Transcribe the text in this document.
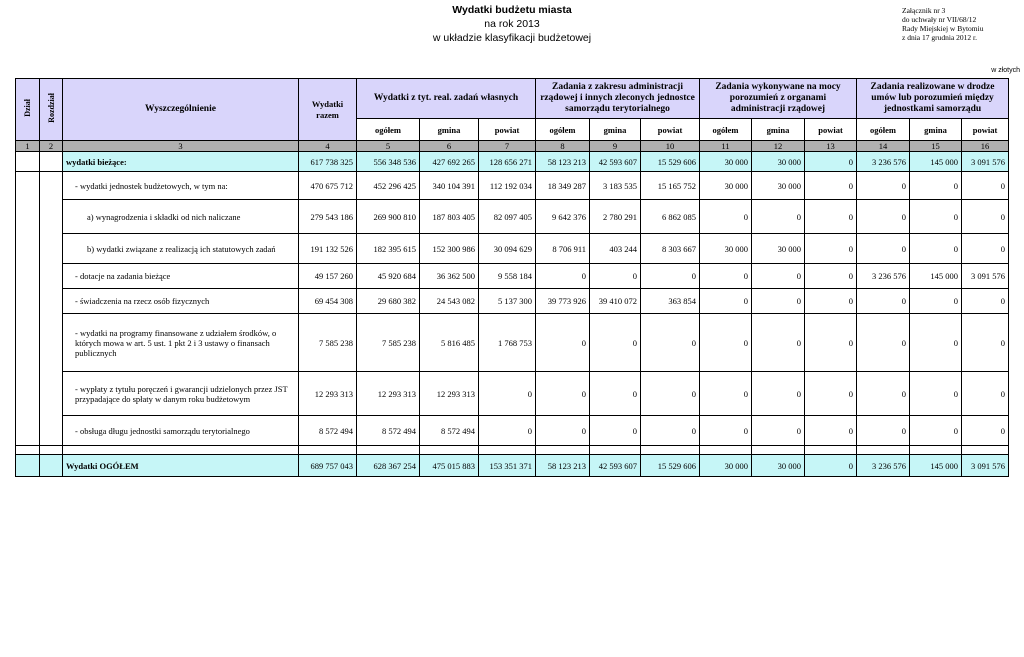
Wydatki budżetu miasta
na rok 2013
w układzie klasyfikacji budżetowej
Załącznik nr 3
do uchwały nr VII/68/12
Rady Miejskiej w Bytomiu
z dnia 17 grudnia 2012 r.
w złotych
Dział	Rozdział	Wyszczególnienie	Wydatki razem	Wydatki z tyt. real. zadań własnych			Zadania z zakresu administracji rządowej i innych zleconych jednostce samorządu terytorialnego			Zadania wykonywane na mocy porozumień z organami administracji rządowej			Zadania realizowane w drodze umów lub porozumień między jednostkami samorządu		
				ogółem	gmina	powiat	ogółem	gmina	powiat	ogółem	gmina	powiat	ogółem	gmina	powiat
1	2	3	4	5	6	7	8	9	10	11	12	13	14	15	16
		wydatki bieżące:	617 738 325	556 348 536	427 692 265	128 656 271	58 123 213	42 593 607	15 529 606	30 000	30 000	0	3 236 576	145 000	3 091 576
		- wydatki jednostek budżetowych, w tym na:	470 675 712	452 296 425	340 104 391	112 192 034	18 349 287	3 183 535	15 165 752	30 000	30 000	0	0	0	0
		a) wynagrodzenia i składki od nich naliczane	279 543 186	269 900 810	187 803 405	82 097 405	9 642 376	2 780 291	6 862 085	0	0	0	0	0	0
		b) wydatki związane z realizacją ich statutowych zadań	191 132 526	182 395 615	152 300 986	30 094 629	8 706 911	403 244	8 303 667	30 000	30 000	0	0	0	0
		- dotacje na zadania bieżące	49 157 260	45 920 684	36 362 500	9 558 184	0	0	0	0	0	0	3 236 576	145 000	3 091 576
		- świadczenia na rzecz osób fizycznych	69 454 308	29 680 382	24 543 082	5 137 300	39 773 926	39 410 072	363 854	0	0	0	0	0	0
		- wydatki na programy finansowane z udziałem środków, o których mowa w art. 5 ust. 1 pkt 2 i 3 ustawy o finansach publicznych	7 585 238	7 585 238	5 816 485	1 768 753	0	0	0	0	0	0	0	0	0
		- wypłaty z tytułu poręczeń i gwarancji udzielonych przez JST przypadające do spłaty w danym roku budżetowym	12 293 313	12 293 313	12 293 313	0	0	0	0	0	0	0	0	0	0
		- obsługa długu jednostki samorządu terytorialnego	8 572 494	8 572 494	8 572 494	0	0	0	0	0	0	0	0	0	0

		Wydatki OGÓŁEM	689 757 043	628 367 254	475 015 883	153 351 371	58 123 213	42 593 607	15 529 606	30 000	30 000	0	3 236 576	145 000	3 091 576
